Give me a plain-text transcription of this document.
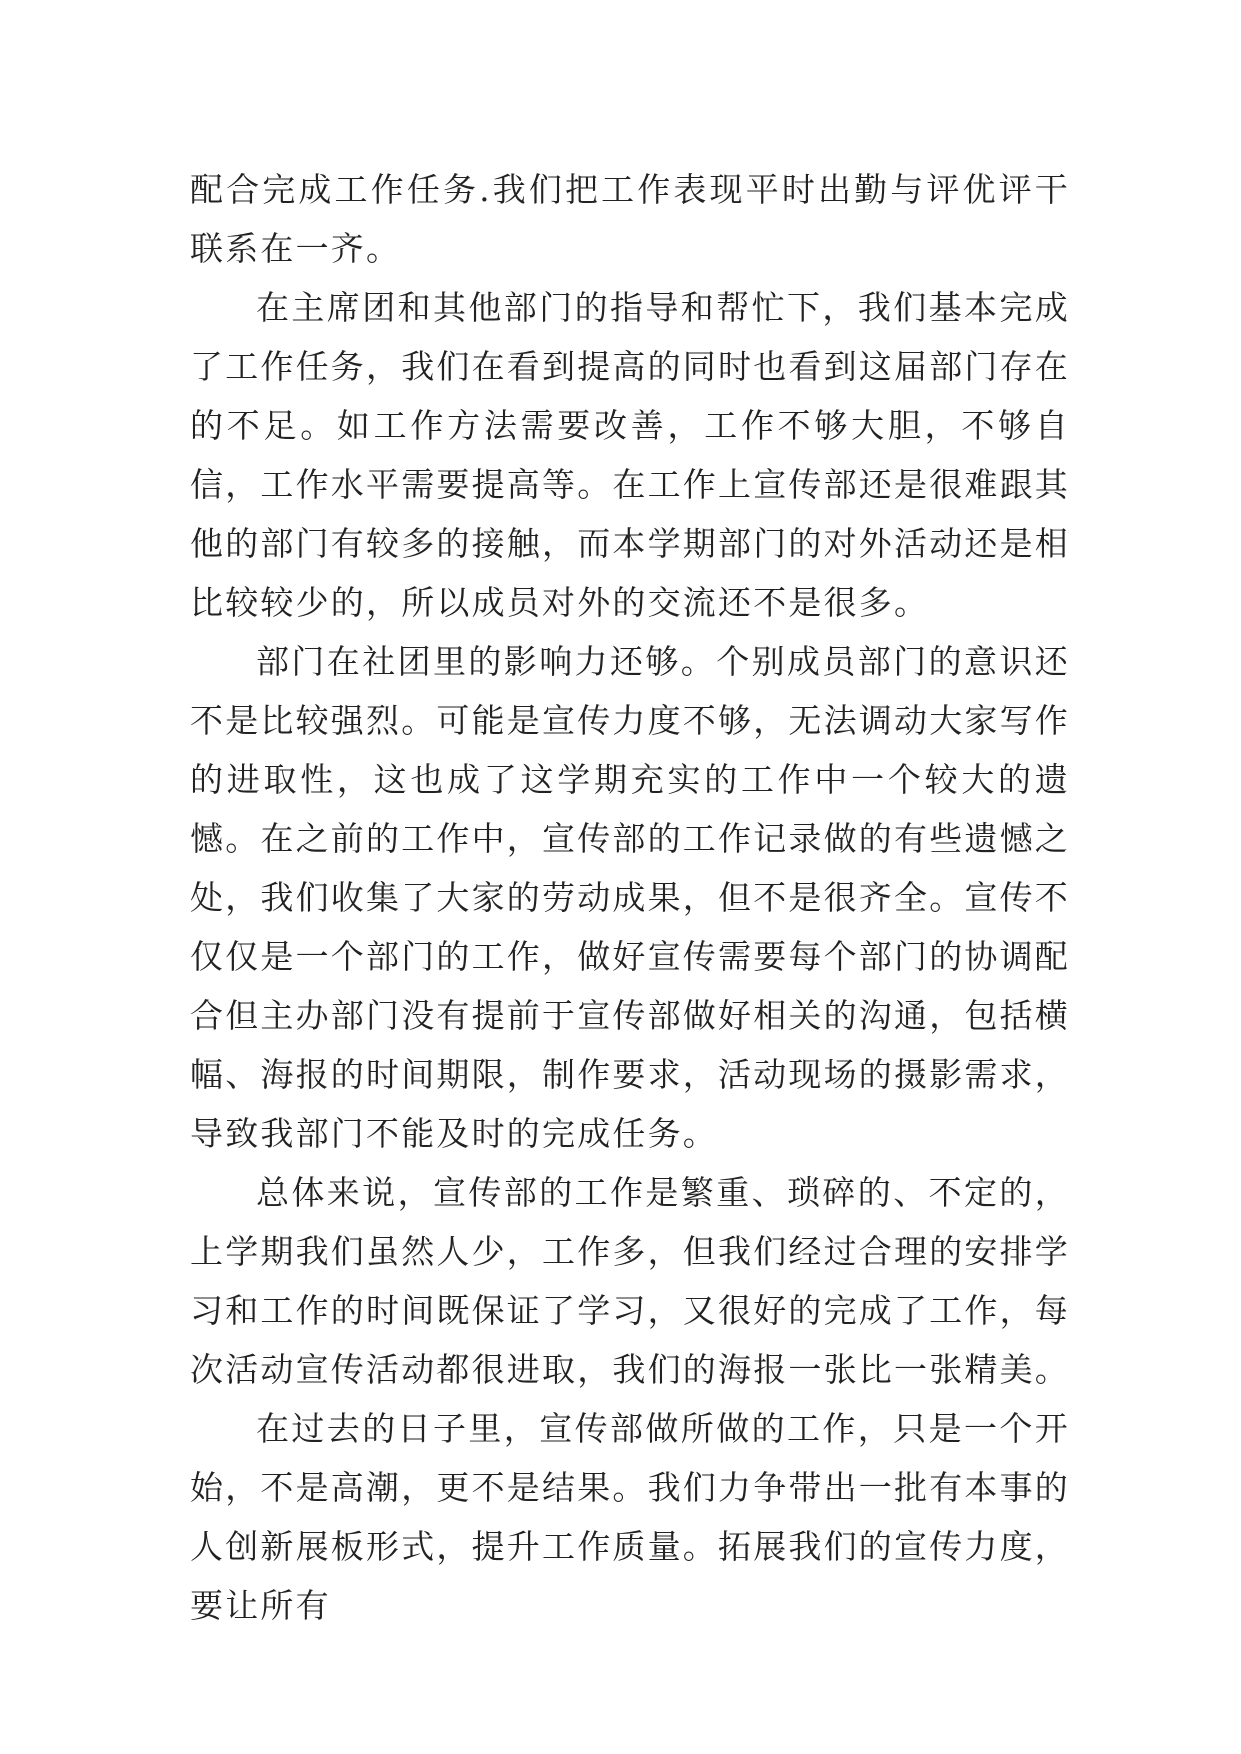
配合完成工作任务.我们把工作表现平时出勤与评优评干联系在一齐。

在主席团和其他部门的指导和帮忙下，我们基本完成了工作任务，我们在看到提高的同时也看到这届部门存在的不足。如工作方法需要改善，工作不够大胆，不够自信，工作水平需要提高等。在工作上宣传部还是很难跟其他的部门有较多的接触，而本学期部门的对外活动还是相比较较少的，所以成员对外的交流还不是很多。

部门在社团里的影响力还够。个别成员部门的意识还不是比较强烈。可能是宣传力度不够，无法调动大家写作的进取性，这也成了这学期充实的工作中一个较大的遗憾。在之前的工作中，宣传部的工作记录做的有些遗憾之处，我们收集了大家的劳动成果，但不是很齐全。宣传不仅仅是一个部门的工作，做好宣传需要每个部门的协调配合但主办部门没有提前于宣传部做好相关的沟通，包括横幅、海报的时间期限，制作要求，活动现场的摄影需求，导致我部门不能及时的完成任务。

总体来说，宣传部的工作是繁重、琐碎的、不定的，上学期我们虽然人少，工作多，但我们经过合理的安排学习和工作的时间既保证了学习，又很好的完成了工作，每次活动宣传活动都很进取，我们的海报一张比一张精美。

在过去的日子里，宣传部做所做的工作，只是一个开始，不是高潮，更不是结果。我们力争带出一批有本事的人创新展板形式，提升工作质量。拓展我们的宣传力度，要让所有
